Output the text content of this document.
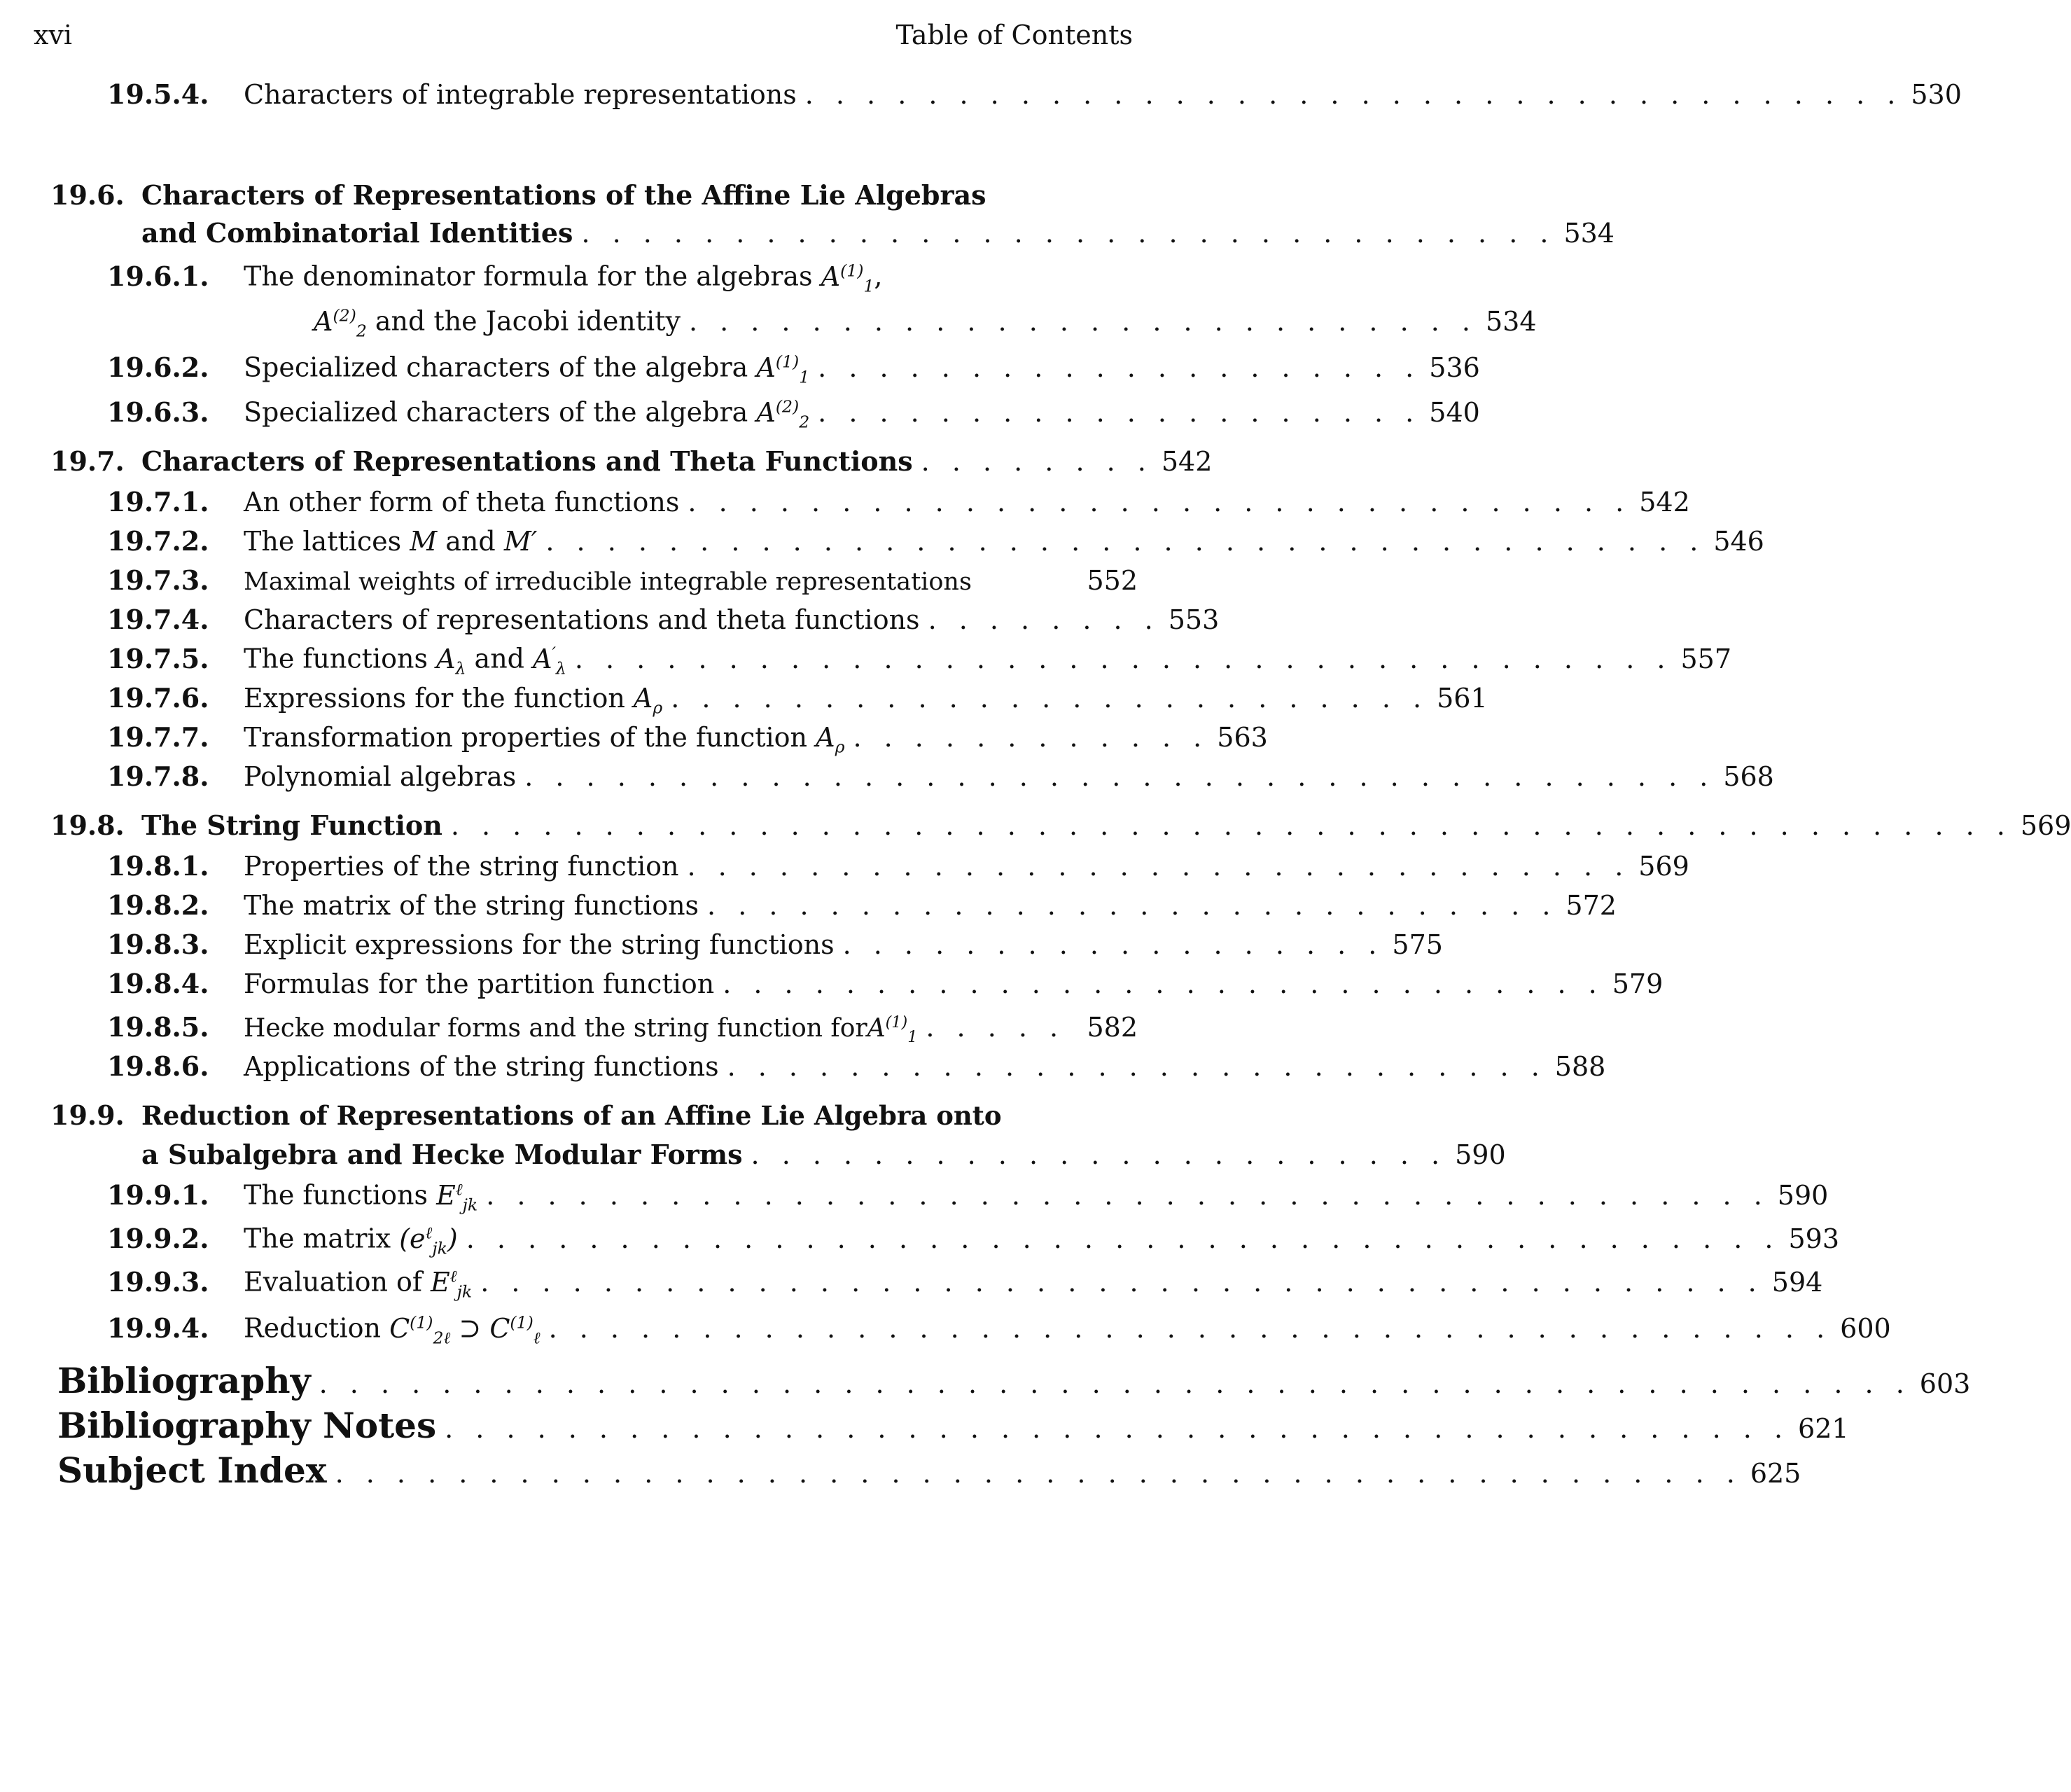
xvi	Table of Contents
19.5.4.	Characters of integrable representations . . . . . . . . . . . . . . . . . . . . . . . . . . . . . . . . . . . . 530
19.6. Characters of Representations of the Affine Lie Algebras
and Combinatorial Identities . . . . . . . . . . . . . . . . . . . . . . . . . . . . . . . . 534
19.6.1.	The denominator formula for the algebras $A^{(1)}_1$,
$A^{(2)}_2$ and the Jacobi identity . . . . . . . . . . . . . . . . . . . . . . . . . . 534
19.6.2.	Specialized characters of the algebra $A^{(1)}_1$ . . . . . . . . . . . . . . . . . . . . 536
19.6.3.	Specialized characters of the algebra $A^{(2)}_2$ . . . . . . . . . . . . . . . . . . . . 540
19.7. Characters of Representations and Theta Functions . . . . . . . . 542
19.7.1.	An other form of theta functions . . . . . . . . . . . . . . . . . . . . . . . . . . . . . . . 542
19.7.2.	The lattices M and M′ . . . . . . . . . . . . . . . . . . . . . . . . . . . . . . . . . . . . . . 546
19.7.3.	Maximal weights of irreducible integrable representations	552
19.7.4.	Characters of representations and theta functions . . . . . . . . 553
19.7.5.	The functions $A_\lambda$ and $A'_\lambda$ . . . . . . . . . . . . . . . . . . . . . . . . . . . . . . . . . . . . 557
19.7.6.	Expressions for the function $A_\rho$ . . . . . . . . . . . . . . . . . . . . . . . . . 561
19.7.7.	Transformation properties of the function $A_\rho$ . . . . . . . . . . . . 563
19.7.8.	Polynomial algebras . . . . . . . . . . . . . . . . . . . . . . . . . . . . . . . . . . . . . . . 568
19.8. The String Function . . . . . . . . . . . . . . . . . . . . . . . . . . . . . . . . . . . . . . . . . . . . . . . . . . . 569
19.8.1.	Properties of the string function . . . . . . . . . . . . . . . . . . . . . . . . . . . . . . . 569
19.8.2.	The matrix of the string functions . . . . . . . . . . . . . . . . . . . . . . . . . . . . 572
19.8.3.	Explicit expressions for the string functions . . . . . . . . . . . . . . . . . . 575
19.8.4.	Formulas for the partition function . . . . . . . . . . . . . . . . . . . . . . . . . . . . . 579
19.8.5.	Hecke modular forms and the string function forA$^{(1)}_1$ . . . . . 582
19.8.6.	Applications of the string functions . . . . . . . . . . . . . . . . . . . . . . . . . . . 588
19.9. Reduction of Representations of an Affine Lie Algebra onto
a Subalgebra and Hecke Modular Forms . . . . . . . . . . . . . . . . . . . . . . . 590
19.9.1.	The functions $E^\ell_{jk}$ . . . . . . . . . . . . . . . . . . . . . . . . . . . . . . . . . . . . . . . . . . 590
19.9.2.	The matrix $(e^\ell_{jk})$ . . . . . . . . . . . . . . . . . . . . . . . . . . . . . . . . . . . . . . . . . . . 593
19.9.3.	Evaluation of $E^\ell_{jk}$ . . . . . . . . . . . . . . . . . . . . . . . . . . . . . . . . . . . . . . . . . . 594
19.9.4.	Reduction $C^{(1)}_{2\ell}$ ⊃ $C^{(1)}_\ell$ . . . . . . . . . . . . . . . . . . . . . . . . . . . . . . . . . . . . . . . . . . 600
Bibliography . . . . . . . . . . . . . . . . . . . . . . . . . . . . . . . . . . . . . . . . . . . . . . . . . . . . 603
Bibliography Notes . . . . . . . . . . . . . . . . . . . . . . . . . . . . . . . . . . . . . . . . . . . . 621
Subject Index . . . . . . . . . . . . . . . . . . . . . . . . . . . . . . . . . . . . . . . . . . . . . . 625
